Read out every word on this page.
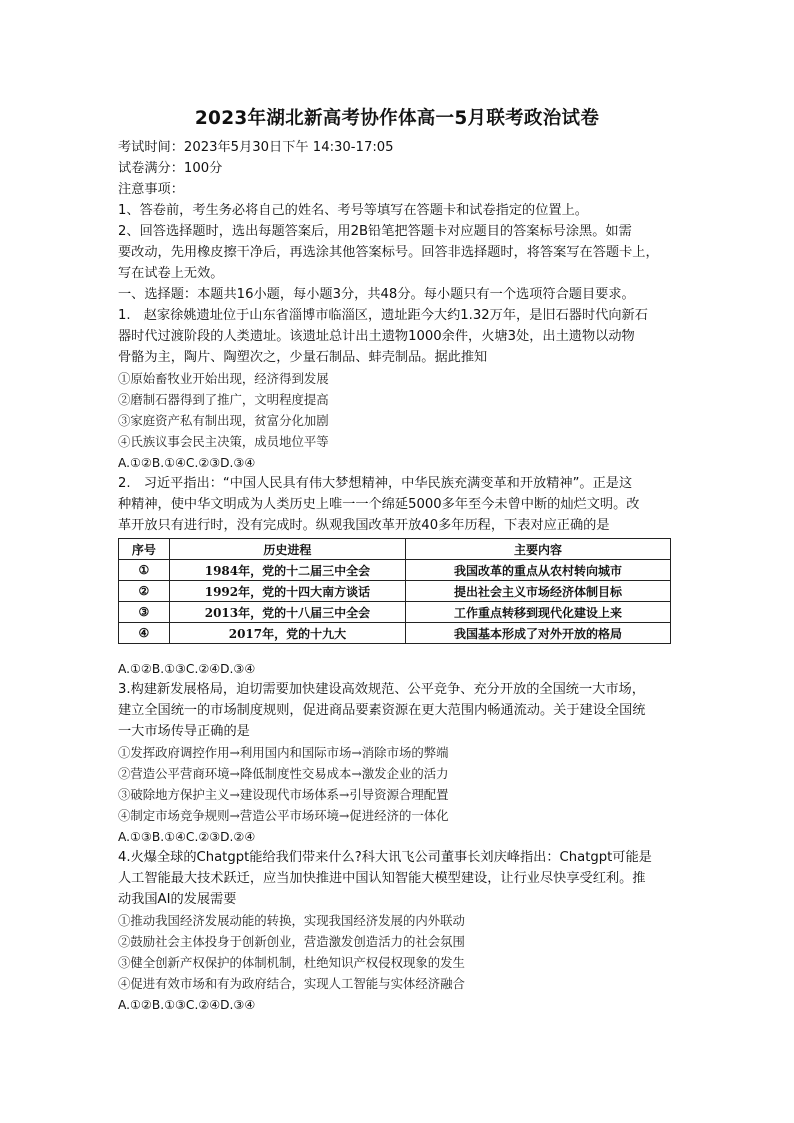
2023年湖北新高考协作体高一5月联考政治试卷
考试时间：2023年5月30日下午 14:30-17:05
试卷满分：100分
注意事项：
1、答卷前，考生务必将自己的姓名、考号等填写在答题卡和试卷指定的位置上。
2、回答选择题时，选出每题答案后，用2B铅笔把答题卡对应题目的答案标号涂黑。如需
要改动，先用橡皮擦干净后，再选涂其他答案标号。回答非选择题时，将答案写在答题卡上，
写在试卷上无效。
一、选择题：本题共16小题，每小题3分，共48分。每小题只有一个选项符合题目要求。
1.　赵家徐姚遗址位于山东省淄博市临淄区，遗址距今大约1.32万年，是旧石器时代向新石
器时代过渡阶段的人类遗址。该遗址总计出土遗物1000余件，火塘3处，出土遗物以动物
骨骼为主，陶片、陶塑次之，少量石制品、蚌壳制品。据此推知
①原始畜牧业开始出现，经济得到发展
②磨制石器得到了推广，文明程度提高
③家庭资产私有制出现，贫富分化加剧
④氏族议事会民主决策，成员地位平等
A.①②B.①④C.②③D.③④
2.　习近平指出：“中国人民具有伟大梦想精神，中华民族充满变革和开放精神”。正是这
种精神，使中华文明成为人类历史上唯一一个绵延5000多年至今未曾中断的灿烂文明。改
革开放只有进行时，没有完成时。纵观我国改革开放40多年历程，下表对应正确的是
序号	历史进程	主要内容
①	1984年，党的十二届三中全会	我国改革的重点从农村转向城市
②	1992年，党的十四大南方谈话	提出社会主义市场经济体制目标
③	2013年，党的十八届三中全会	工作重点转移到现代化建设上来
④	2017年，党的十九大	我国基本形成了对外开放的格局
A.①②B.①③C.②④D.③④
3.构建新发展格局，迫切需要加快建设高效规范、公平竞争、充分开放的全国统一大市场，
建立全国统一的市场制度规则，促进商品要素资源在更大范围内畅通流动。关于建设全国统
一大市场传导正确的是
①发挥政府调控作用→利用国内和国际市场→消除市场的弊端
②营造公平营商环境→降低制度性交易成本→激发企业的活力
③破除地方保护主义→建设现代市场体系→引导资源合理配置
④制定市场竞争规则→营造公平市场环境→促进经济的一体化
A.①③B.①④C.②③D.②④
4.火爆全球的Chatgpt能给我们带来什么?科大讯飞公司董事长刘庆峰指出：Chatgpt可能是
人工智能最大技术跃迁，应当加快推进中国认知智能大模型建设，让行业尽快享受红利。推
动我国AI的发展需要
①推动我国经济发展动能的转换，实现我国经济发展的内外联动
②鼓励社会主体投身于创新创业，营造激发创造活力的社会氛围
③健全创新产权保护的体制机制，杜绝知识产权侵权现象的发生
④促进有效市场和有为政府结合，实现人工智能与实体经济融合
A.①②B.①③C.②④D.③④
